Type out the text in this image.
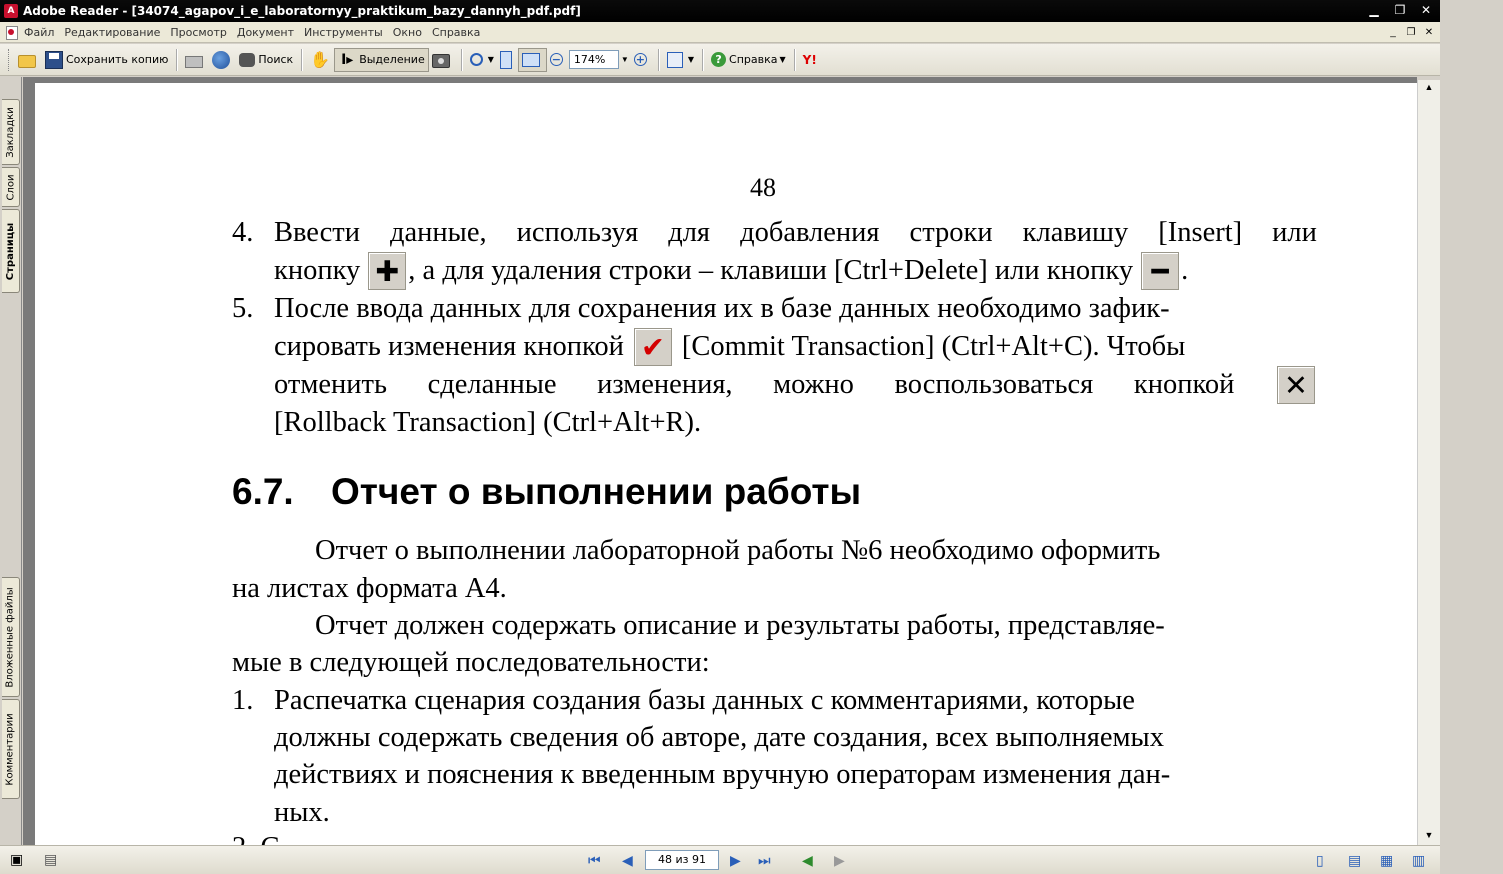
A Adobe Reader - [34074_agapov_i_e_laboratornyy_praktikum_bazy_dannyh_pdf.pdf]	▁	❐	✕
Файл Редактирование Просмотр Документ Инструменты Окно Справка	_	❐ ✕
Сохранить копию	Поиск ✋ I▸ Выделение	▼	−	174%	▼ +	▼	? Справка ▼ Y!
Закладки
Слои
Страницы
Вложенные файлы
Комментарии
48
4. Ввести данные, используя для добавления строки клавишу [Insert] или
кнопку ✚ , а для удаления строки – клавиши [Ctrl+Delete] или кнопку ━ .
5. После ввода данных для сохранения их в базе данных необходимо зафик-
сировать изменения кнопкой ✔ [Commit Transaction] (Ctrl+Alt+C). Чтобы
отменить сделанные изменения, можно воспользоваться кнопкой ✕
[Rollback Transaction] (Ctrl+Alt+R).
6.7. Отчет о выполнении работы
Отчет о выполнении лабораторной работы №6 необходимо оформить
на листах формата А4.
Отчет должен содержать описание и результаты работы, представляе-
мые в следующей последовательности:
1. Распечатка сценария создания базы данных с комментариями, которые
должны содержать сведения об авторе, дате создания, всех выполняемых
действиях и пояснения к введенным вручную операторам изменения дан-
ных.
▲
▼
▣ ▤	⏮ ◀	48 из 91	▶ ⏭ ◀ ▶	▯ ▤ ▦ ▥
